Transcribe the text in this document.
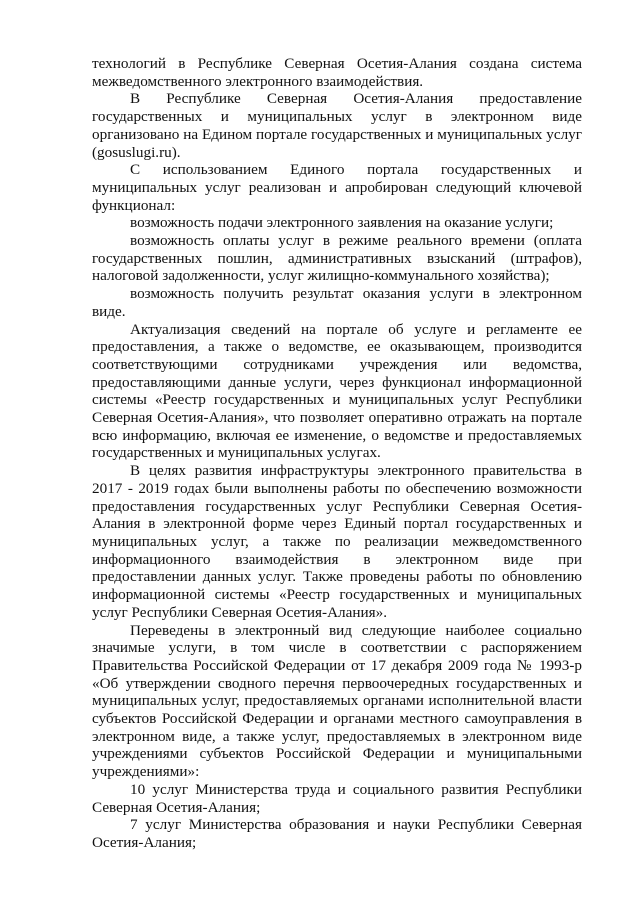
технологий в Республике Северная Осетия-Алания создана система межведомственного электронного взаимодействия.

В Республике Северная Осетия-Алания предоставление государственных и муниципальных услуг в электронном виде организовано на Едином портале государственных и муниципальных услуг (gosuslugi.ru).

С использованием Единого портала государственных и муниципальных услуг реализован и апробирован следующий ключевой функционал:

возможность подачи электронного заявления на оказание услуги;

возможность оплаты услуг в режиме реального времени (оплата государственных пошлин, административных взысканий (штрафов), налоговой задолженности, услуг жилищно-коммунального хозяйства);

возможность получить результат оказания услуги в электронном виде.

Актуализация сведений на портале об услуге и регламенте ее предоставления, а также о ведомстве, ее оказывающем, производится соответствующими сотрудниками учреждения или ведомства, предоставляющими данные услуги, через функционал информационной системы «Реестр государственных и муниципальных услуг Республики Северная Осетия-Алания», что позволяет оперативно отражать на портале всю информацию, включая ее изменение, о ведомстве и предоставляемых государственных и муниципальных услугах.

В целях развития инфраструктуры электронного правительства в 2017 - 2019 годах были выполнены работы по обеспечению возможности предоставления государственных услуг Республики Северная Осетия-Алания в электронной форме через Единый портал государственных и муниципальных услуг, а также по реализации межведомственного информационного взаимодействия в электронном виде при предоставлении данных услуг. Также проведены работы по обновлению информационной системы «Реестр государственных и муниципальных услуг Республики Северная Осетия-Алания».

Переведены в электронный вид следующие наиболее социально значимые услуги, в том числе в соответствии с распоряжением Правительства Российской Федерации от 17 декабря 2009 года № 1993-р «Об утверждении сводного перечня первоочередных государственных и муниципальных услуг, предоставляемых органами исполнительной власти субъектов Российской Федерации и органами местного самоуправления в электронном виде, а также услуг, предоставляемых в электронном виде учреждениями субъектов Российской Федерации и муниципальными учреждениями»:

10 услуг Министерства труда и социального развития Республики Северная Осетия-Алания;

7 услуг Министерства образования и науки Республики Северная Осетия-Алания;
